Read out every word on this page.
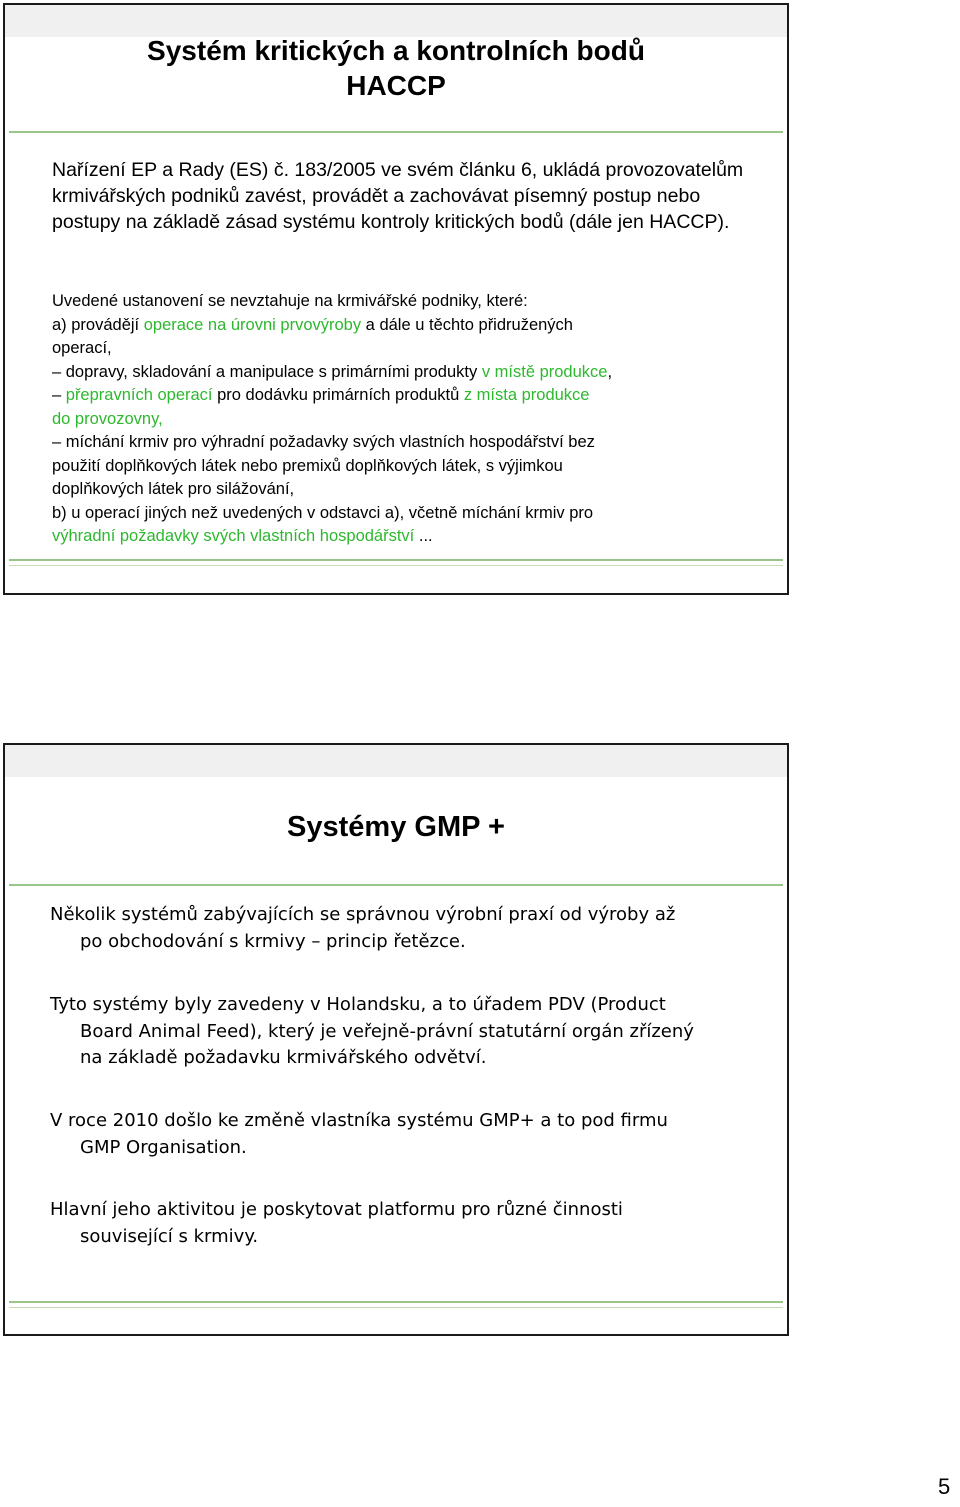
Systém kritických a kontrolních bodů HACCP
Nařízení EP a Rady (ES) č. 183/2005 ve svém článku 6, ukládá provozovatelům krmivářských podniků zavést, provádět a zachovávat písemný postup nebo postupy na základě zásad systému kontroly kritických bodů (dále jen HACCP).
Uvedené ustanovení se nevztahuje na krmivářské podniky, které:
a) provádějí operace na úrovni prvovýroby a dále u těchto přidružených
operací,
– dopravy, skladování a manipulace s primárními produkty v místě produkce,
– přepravních operací pro dodávku primárních produktů z místa produkce
do provozovny,
– míchání krmiv pro výhradní požadavky svých vlastních hospodářství bez
použití doplňkových látek nebo premixů doplňkových látek, s výjimkou
doplňkových látek pro silážování,
b) u operací jiných než uvedených v odstavci a), včetně míchání krmiv pro
výhradní požadavky svých vlastních hospodářství ...
Systémy GMP +
Několik systémů zabývajících se správnou výrobní praxí od výroby až
po obchodování s krmivy – princip řetězce.
Tyto systémy byly zavedeny v Holandsku, a to úřadem PDV (Product
Board Animal Feed), který je veřejně-právní statutární orgán zřízený
na základě požadavku krmivářského odvětví.
V roce 2010 došlo ke změně vlastníka systému GMP+ a to pod firmu
GMP Organisation.
Hlavní jeho aktivitou je poskytovat platformu pro různé činnosti
související s krmivy.
5
